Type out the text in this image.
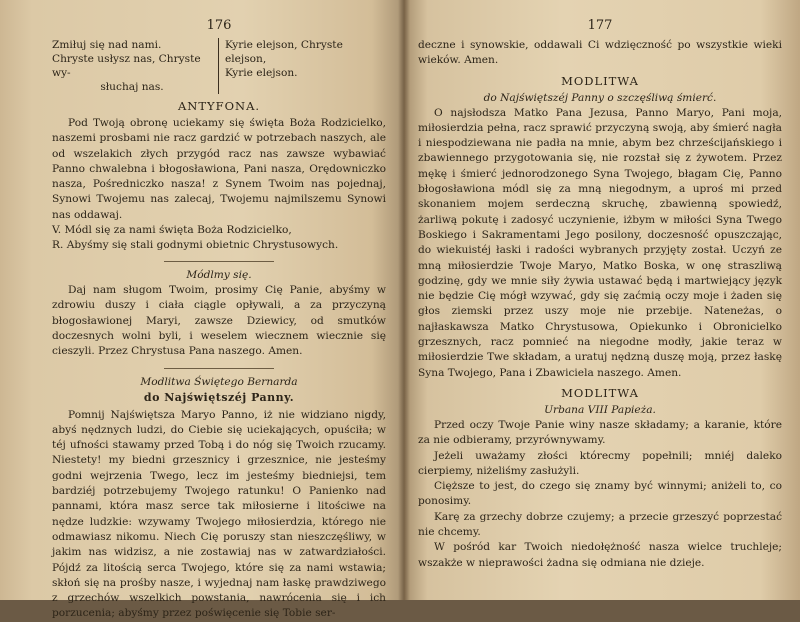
176
Zmiłuj się nad nami.
Chryste usłysz nas, Chryste wy-
słuchaj nas.
Kyrie elejson, Chryste elejson,
Kyrie elejson.
ANTYFONA.

Pod Twoją obronę uciekamy się święta Boża Rodzicielko, naszemi prosbami nie racz gardzić w potrzebach naszych, ale od wszelakich złych przygód racz nas zawsze wybawiać Panno chwalebna i błogosławiona, Pani nasza, Orędowniczko nasza, Pośredniczko nasza! z Synem Twoim nas pojednaj, Synowi Twojemu nas zalecaj, Twojemu najmilszemu Synowi nas oddawaj.

V. Módl się za nami święta Boża Rodzicielko,
R. Abyśmy się stali godnymi obietnic Chrystusowych.
Módlmy się.

Daj nam sługom Twoim, prosimy Cię Panie, abyśmy w zdrowiu duszy i ciała ciągle opływali, a za przyczyną błogosławionej Maryi, zawsze Dziewicy, od smutków doczesnych wolni byli, i weselem wiecznem wiecznie się cieszyli. Przez Chrystusa Pana naszego. Amen.

Modlitwa Świętego Bernarda
do Najświętszéj Panny.

Pomnij Najświętsza Maryo Panno, iż nie widziano nigdy, abyś nędznych ludzi, do Ciebie się uciekających, opuściła; w téj ufności stawamy przed Tobą i do nóg się Twoich rzucamy. Niestety! my biedni grzesznicy i grzesznice, nie jesteśmy godni wejrzenia Twego, lecz im jesteśmy biedniejsi, tem bardziéj potrzebujemy Twojego ratunku! O Panienko nad pannami, która masz serce tak miłosierne i litościwe na nędze ludzkie: wzywamy Twojego miłosierdzia, którego nie odmawiasz nikomu. Niech Cię poruszy stan nieszczęśliwy, w jakim nas widzisz, a nie zostawiaj nas w zatwardziałości. Pójdź za litością serca Twojego, które się za nami wstawia; skłoń się na prośby nasze, i wyjednaj nam łaskę prawdziwego z grzechów wszelkich powstania, nawrócenia się i ich porzucenia; abyśmy przez poświęcenie się Tobie ser-

177

deczne i synowskie, oddawali Ci wdzięczność po wszystkie wieki wieków. Amen.

MODLITWA
do Najświętszéj Panny o szczęśliwą śmierć.

O najsłodsza Matko Pana Jezusa, Panno Maryo, Pani moja, miłosierdzia pełna, racz sprawić przyczyną swoją, aby śmierć nagła i niespodziewana nie padła na mnie, abym bez chrześcijańskiego i zbawiennego przygotowania się, nie rozstał się z żywotem. Przez mękę i śmierć jednorodzonego Syna Twojego, błagam Cię, Panno błogosławiona módl się za mną niegodnym, a uproś mi przed skonaniem mojem serdeczną skruchę, zbawienną spowiedź, żarliwą pokutę i zadosyć uczynienie, iżbym w miłości Syna Twego Boskiego i Sakramentami Jego posilony, doczesność opuszczając, do wiekuistéj łaski i radości wybranych przyjęty został. Uczyń ze mną miłosierdzie Twoje Maryo, Matko Boska, w onę straszliwą godzinę, gdy we mnie siły żywia ustawać będą i martwiejący język nie będzie Cię mógł wzywać, gdy się zaćmią oczy moje i żaden się głos ziemski przez uszy moje nie przebije. Nateneżas, o najłaskawsza Matko Chrystusowa, Opiekunko i Obronicielko grzesznych, racz pomnieć na niegodne modły, jakie teraz w miłosierdzie Twe składam, a uratuj nędzną duszę moją, przez łaskę Syna Twojego, Pana i Zbawiciela naszego. Amen.

MODLITWA
Urbana VIII Papieża.

Przed oczy Twoje Panie winy nasze składamy; a karanie, które za nie odbieramy, przyrównywamy.

Jeżeli uważamy złości którecmy popełnili; mniéj daleko cierpiemy, niżeliśmy zasłużyli.

Cięższe to jest, do czego się znamy być winnymi; aniżeli to, co ponosimy.

Karę za grzechy dobrze czujemy; a przecie grzeszyć poprzestać nie chcemy.

W pośród kar Twoich niedołężność nasza wielce truchleje; wszakże w nieprawości żadna się odmiana nie dzieje.
